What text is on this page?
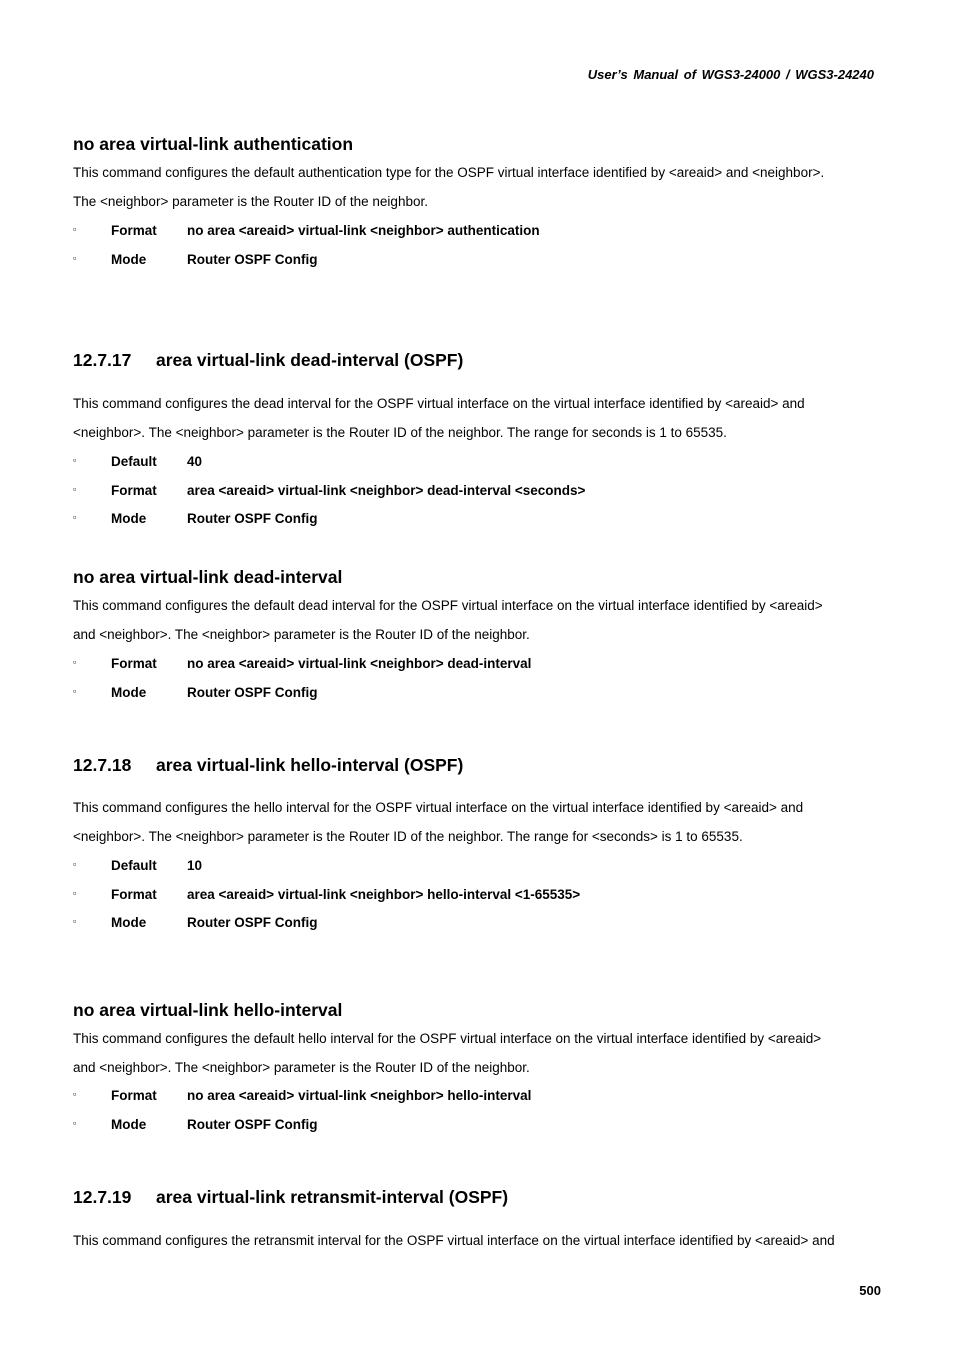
User’s Manual of WGS3-24000 / WGS3-24240
no area virtual-link authentication
This command configures the default authentication type for the OSPF virtual interface identified by <areaid> and <neighbor>.
The <neighbor> parameter is the Router ID of the neighbor.
▫	Format no area <areaid> virtual-link <neighbor> authentication
▫	Mode	Router OSPF Config
12.7.17 area virtual-link dead-interval (OSPF)
This command configures the dead interval for the OSPF virtual interface on the virtual interface identified by <areaid> and
<neighbor>. The <neighbor> parameter is the Router ID of the neighbor. The range for seconds is 1 to 65535.
▫	Default 40
▫	Format area <areaid> virtual-link <neighbor> dead-interval <seconds>
▫	Mode	Router OSPF Config
no area virtual-link dead-interval
This command configures the default dead interval for the OSPF virtual interface on the virtual interface identified by <areaid>
and <neighbor>. The <neighbor> parameter is the Router ID of the neighbor.
▫	Format no area <areaid> virtual-link <neighbor> dead-interval
▫	Mode	Router OSPF Config
12.7.18 area virtual-link hello-interval (OSPF)
This command configures the hello interval for the OSPF virtual interface on the virtual interface identified by <areaid> and
<neighbor>. The <neighbor> parameter is the Router ID of the neighbor. The range for <seconds> is 1 to 65535.
▫	Default 10
▫	Format area <areaid> virtual-link <neighbor> hello-interval <1-65535>
▫	Mode	Router OSPF Config
no area virtual-link hello-interval
This command configures the default hello interval for the OSPF virtual interface on the virtual interface identified by <areaid>
and <neighbor>. The <neighbor> parameter is the Router ID of the neighbor.
▫	Format no area <areaid> virtual-link <neighbor> hello-interval
▫	Mode	Router OSPF Config
12.7.19 area virtual-link retransmit-interval (OSPF)
This command configures the retransmit interval for the OSPF virtual interface on the virtual interface identified by <areaid> and
500
